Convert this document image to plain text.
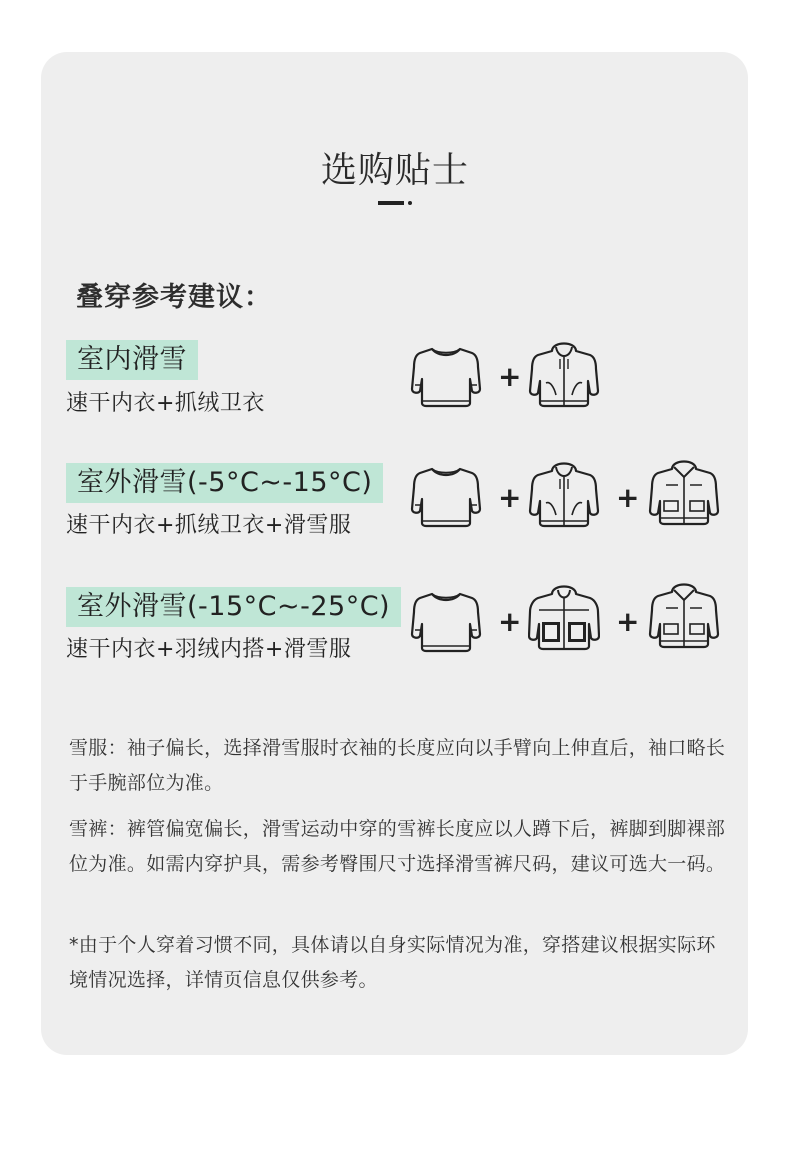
选购贴士
叠穿参考建议：
室内滑雪
速干内衣+抓绒卫衣
+
室外滑雪(-5°C~-15°C)
速干内衣+抓绒卫衣+滑雪服
+	+
室外滑雪(-15°C~-25°C)
速干内衣+羽绒内搭+滑雪服
+	+
雪服：袖子偏长，选择滑雪服时衣袖的长度应向以手臂向上伸直后，袖口略长于手腕部位为准。
雪裤：裤管偏宽偏长，滑雪运动中穿的雪裤长度应以人蹲下后，裤脚到脚裸部位为准。如需内穿护具，需参考臀围尺寸选择滑雪裤尺码，建议可选大一码。
*由于个人穿着习惯不同，具体请以自身实际情况为准，穿搭建议根据实际环境情况选择，详情页信息仅供参考。
